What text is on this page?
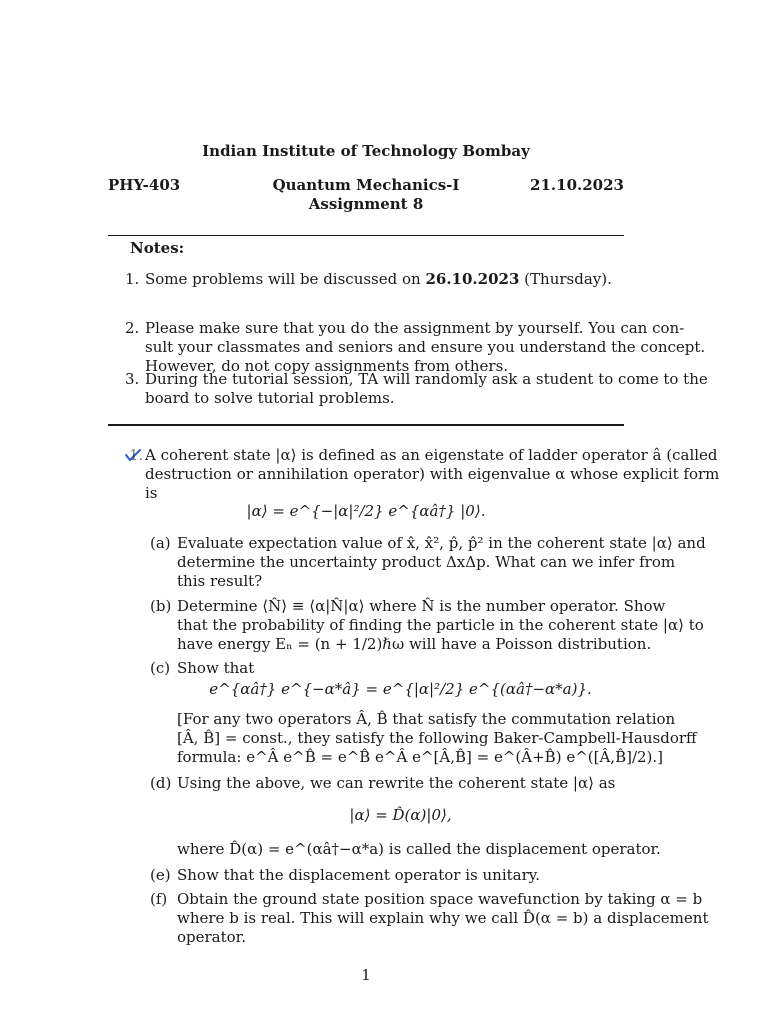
Indian Institute of Technology Bombay
PHY-403	Quantum Mechanics-I	21.10.2023
Assignment 8
Notes:
1. Some problems will be discussed on 26.10.2023 (Thursday).
2. Please make sure that you do the assignment by yourself. You can con-
sult your classmates and seniors and ensure you understand the concept.
However, do not copy assignments from others.
3. During the tutorial session, TA will randomly ask a student to come to the
board to solve tutorial problems.
1. A coherent state |α⟩ is defined as an eigenstate of ladder operator â (called
destruction or annihilation operator) with eigenvalue α whose explicit form
is
|α⟩ = e^{−|α|²/2} e^{αâ†} |0⟩.
(a) Evaluate expectation value of x̂, x̂², p̂, p̂² in the coherent state |α⟩ and
determine the uncertainty product ΔxΔp. What can we infer from
this result?
(b) Determine ⟨N̂⟩ ≡ ⟨α|N̂|α⟩ where N̂ is the number operator. Show
that the probability of finding the particle in the coherent state |α⟩ to
have energy Eₙ = (n + 1/2)ℏω will have a Poisson distribution.
(c) Show that
e^{αâ†} e^{−α*â} = e^{|α|²/2} e^{(αâ†−α*a)}.
[For any two operators Â, B̂ that satisfy the commutation relation
[Â, B̂] = const., they satisfy the following Baker-Campbell-Hausdorff
formula: e^Â e^B̂ = e^B̂ e^Â e^[Â,B̂] = e^(Â+B̂) e^([Â,B̂]/2).]
(d) Using the above, we can rewrite the coherent state |α⟩ as
|α⟩ = D̂(α)|0⟩,
where D̂(α) = e^(αâ†−α*a) is called the displacement operator.
(e) Show that the displacement operator is unitary.
(f) Obtain the ground state position space wavefunction by taking α = b
where b is real. This will explain why we call D̂(α = b) a displacement
operator.
1
